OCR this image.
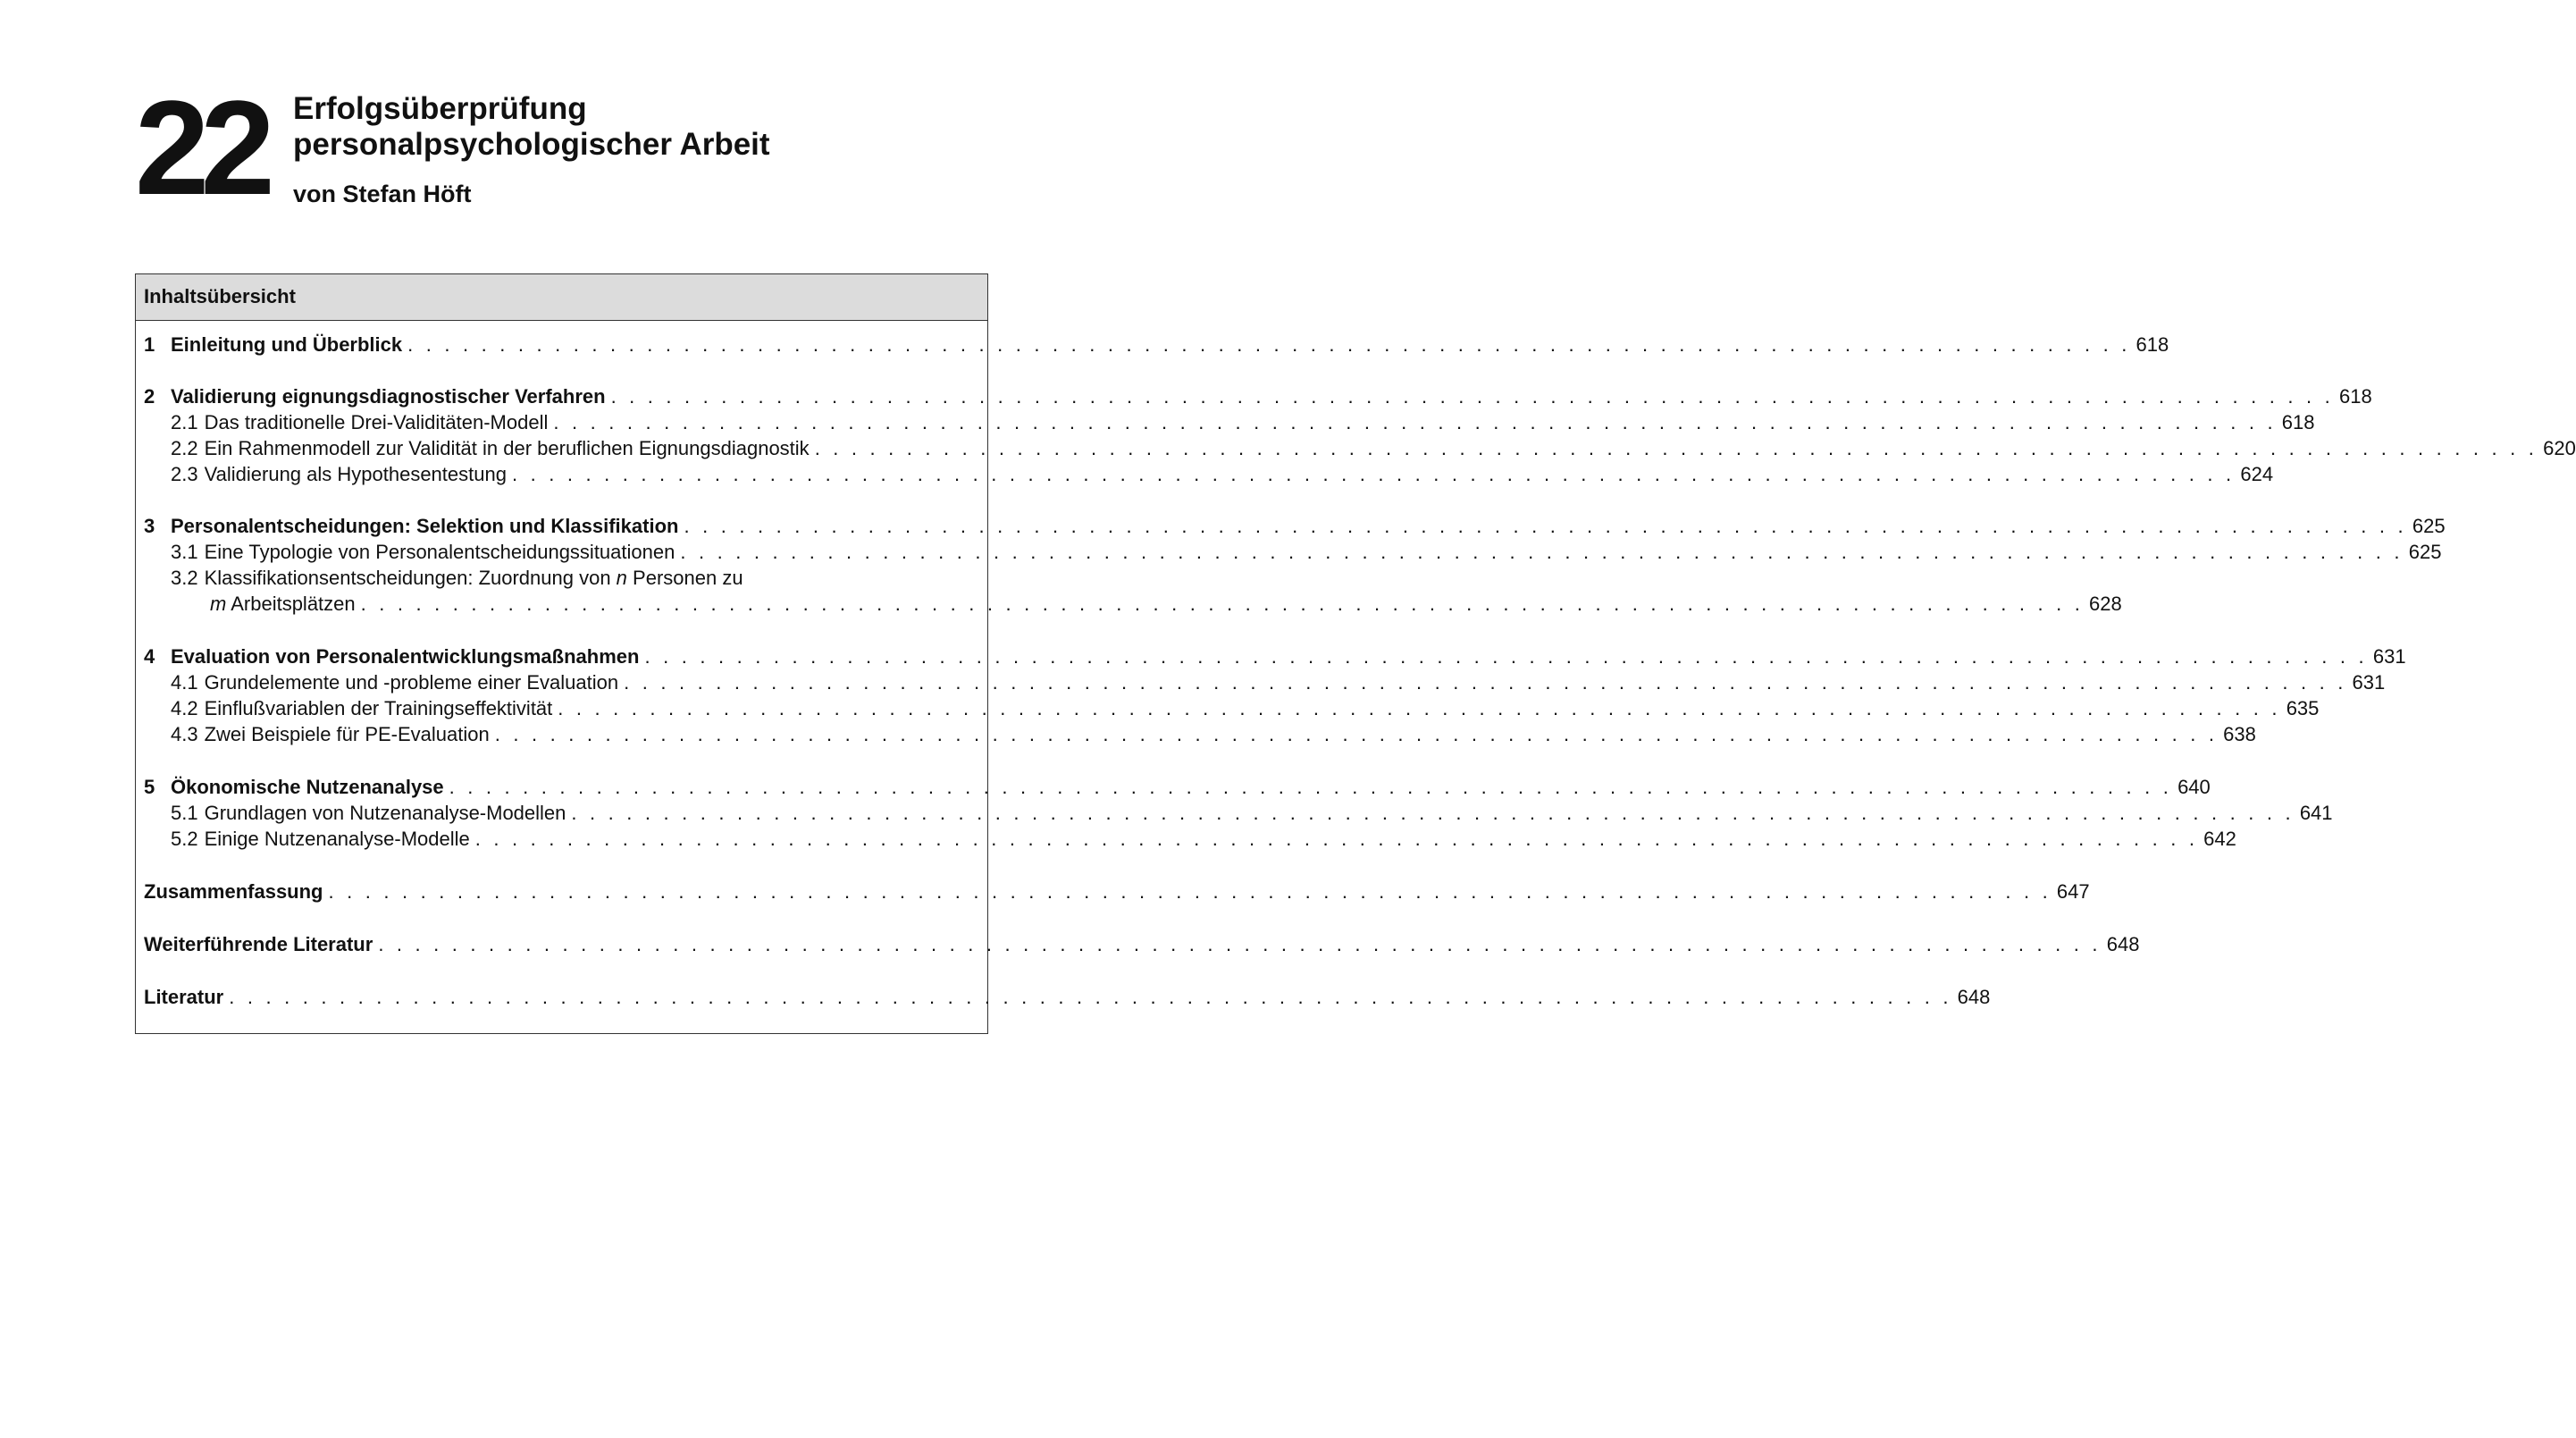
22 Erfolgsüberprüfung
personalpsychologischer Arbeit
von Stefan Höft
Inhaltsübersicht
1 Einleitung und Überblick . . . . . . . . . . . . . . . . . . . . . . . . . . . . . . . . . . . . . . . . . . . . . . . . . . . . . . . . . . . . . . . . . . . . . . . . . . . . . . . . . . . . . . . . . . . . . . 618
2 Validierung eignungsdiagnostischer Verfahren . . . . . . . . . . . . . . . . . . . . . . . . . . . . . . . . . . . . . . . . . . . . . . . . . . . . . . . . . . . . . . . . . . . . . . . . . . . . . . . . . . . . . . . . . . . . . . 618
2.1 Das traditionelle Drei-Validitäten-Modell . . . . . . . . . . . . . . . . . . . . . . . . . . . . . . . . . . . . . . . . . . . . . . . . . . . . . . . . . . . . . . . . . . . . . . . . . . . . . . . . . . . . . . . . . . . . . . 618
2.2 Ein Rahmenmodell zur Validität in der beruflichen Eignungsdiagnostik . . . . . . . . . . . . . . . . . . . . . . . . . . . . . . . . . . . . . . . . . . . . . . . . . . . . . . . . . . . . . . . . . . . . . . . . . . . . . . . . . . . . . . . . . . . . . . 620
2.3 Validierung als Hypothesentestung . . . . . . . . . . . . . . . . . . . . . . . . . . . . . . . . . . . . . . . . . . . . . . . . . . . . . . . . . . . . . . . . . . . . . . . . . . . . . . . . . . . . . . . . . . . . . . 624
3 Personalentscheidungen: Selektion und Klassifikation . . . . . . . . . . . . . . . . . . . . . . . . . . . . . . . . . . . . . . . . . . . . . . . . . . . . . . . . . . . . . . . . . . . . . . . . . . . . . . . . . . . . . . . . . . . . . . 625
3.1 Eine Typologie von Personalentscheidungssituationen . . . . . . . . . . . . . . . . . . . . . . . . . . . . . . . . . . . . . . . . . . . . . . . . . . . . . . . . . . . . . . . . . . . . . . . . . . . . . . . . . . . . . . . . . . . . . . 625
3.2 Klassifikationsentscheidungen: Zuordnung von n Personen zu
m Arbeitsplätzen . . . . . . . . . . . . . . . . . . . . . . . . . . . . . . . . . . . . . . . . . . . . . . . . . . . . . . . . . . . . . . . . . . . . . . . . . . . . . . . . . . . . . . . . . . . . . . 628
4 Evaluation von Personalentwicklungsmaßnahmen . . . . . . . . . . . . . . . . . . . . . . . . . . . . . . . . . . . . . . . . . . . . . . . . . . . . . . . . . . . . . . . . . . . . . . . . . . . . . . . . . . . . . . . . . . . . . . 631
4.1 Grundelemente und -probleme einer Evaluation . . . . . . . . . . . . . . . . . . . . . . . . . . . . . . . . . . . . . . . . . . . . . . . . . . . . . . . . . . . . . . . . . . . . . . . . . . . . . . . . . . . . . . . . . . . . . . 631
4.2 Einflußvariablen der Trainingseffektivität . . . . . . . . . . . . . . . . . . . . . . . . . . . . . . . . . . . . . . . . . . . . . . . . . . . . . . . . . . . . . . . . . . . . . . . . . . . . . . . . . . . . . . . . . . . . . . 635
4.3 Zwei Beispiele für PE-Evaluation . . . . . . . . . . . . . . . . . . . . . . . . . . . . . . . . . . . . . . . . . . . . . . . . . . . . . . . . . . . . . . . . . . . . . . . . . . . . . . . . . . . . . . . . . . . . . . 638
5 Ökonomische Nutzenanalyse . . . . . . . . . . . . . . . . . . . . . . . . . . . . . . . . . . . . . . . . . . . . . . . . . . . . . . . . . . . . . . . . . . . . . . . . . . . . . . . . . . . . . . . . . . . . . . 640
5.1 Grundlagen von Nutzenanalyse-Modellen . . . . . . . . . . . . . . . . . . . . . . . . . . . . . . . . . . . . . . . . . . . . . . . . . . . . . . . . . . . . . . . . . . . . . . . . . . . . . . . . . . . . . . . . . . . . . . 641
5.2 Einige Nutzenanalyse-Modelle . . . . . . . . . . . . . . . . . . . . . . . . . . . . . . . . . . . . . . . . . . . . . . . . . . . . . . . . . . . . . . . . . . . . . . . . . . . . . . . . . . . . . . . . . . . . . . 642
Zusammenfassung . . . . . . . . . . . . . . . . . . . . . . . . . . . . . . . . . . . . . . . . . . . . . . . . . . . . . . . . . . . . . . . . . . . . . . . . . . . . . . . . . . . . . . . . . . . . . . 647
Weiterführende Literatur . . . . . . . . . . . . . . . . . . . . . . . . . . . . . . . . . . . . . . . . . . . . . . . . . . . . . . . . . . . . . . . . . . . . . . . . . . . . . . . . . . . . . . . . . . . . . . 648
Literatur . . . . . . . . . . . . . . . . . . . . . . . . . . . . . . . . . . . . . . . . . . . . . . . . . . . . . . . . . . . . . . . . . . . . . . . . . . . . . . . . . . . . . . . . . . . . . . 648
